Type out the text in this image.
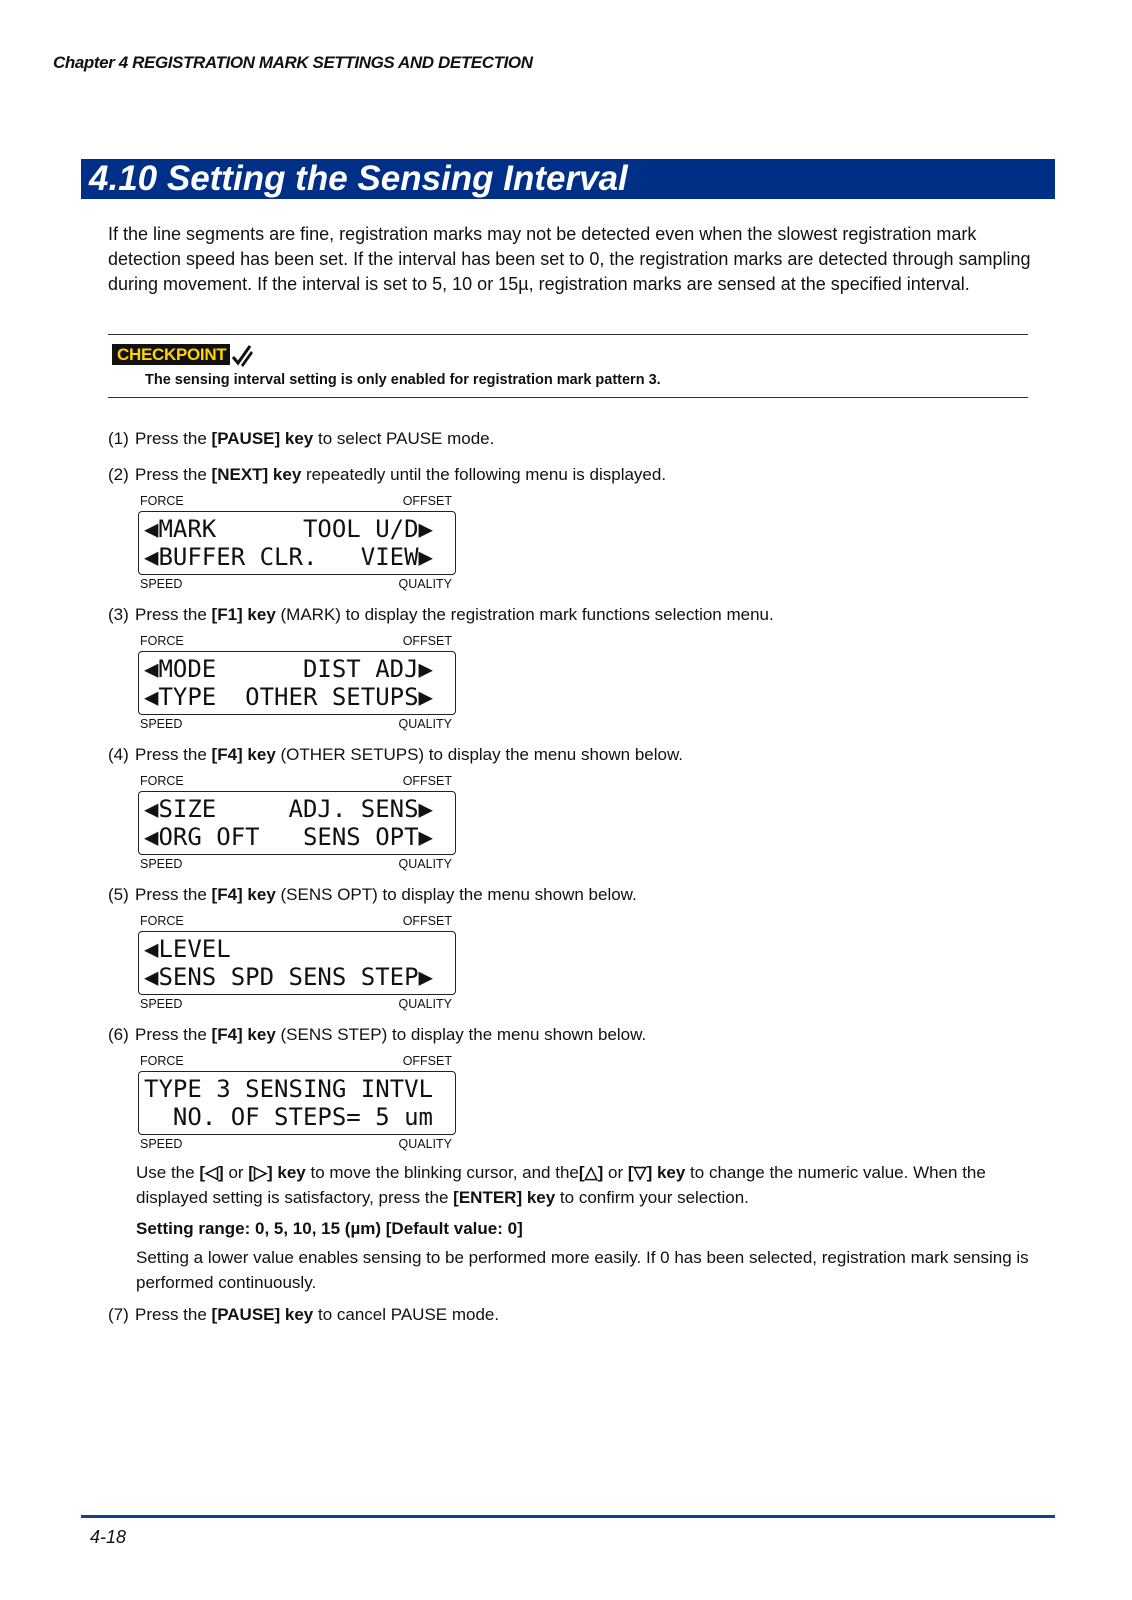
Chapter 4 REGISTRATION MARK SETTINGS AND DETECTION
4.10 Setting the Sensing Interval

If the line segments are fine, registration marks may not be detected even when the slowest registration mark detection speed has been set. If the interval has been set to 0, the registration marks are detected through sampling during movement. If the interval is set to 5, 10 or 15µ, registration marks are sensed at the specified interval.

CHECKPOINT
The sensing interval setting is only enabled for registration mark pattern 3.
(1) Press the [PAUSE] key to select PAUSE mode.
(2) Press the [NEXT] key repeatedly until the following menu is displayed.
FORCE	OFFSET
◀MARK      TOOL U/D▶
◀BUFFER CLR.   VIEW▶
SPEED	QUALITY
(3) Press the [F1] key (MARK) to display the registration mark functions selection menu.
FORCE	OFFSET
◀MODE      DIST ADJ▶
◀TYPE  OTHER SETUPS▶
SPEED	QUALITY
(4) Press the [F4] key (OTHER SETUPS) to display the menu shown below.
FORCE	OFFSET
◀SIZE     ADJ. SENS▶
◀ORG OFT   SENS OPT▶
SPEED	QUALITY
(5) Press the [F4] key (SENS OPT) to display the menu shown below.
FORCE	OFFSET
◀LEVEL
◀SENS SPD SENS STEP▶
SPEED	QUALITY
(6) Press the [F4] key (SENS STEP) to display the menu shown below.
FORCE	OFFSET
TYPE 3 SENSING INTVL
NO. OF STEPS= 5 um
SPEED	QUALITY

Use the [◁] or [▷] key to move the blinking cursor, and the[△] or [▽] key to change the numeric value. When the displayed setting is satisfactory, press the [ENTER] key to confirm your selection.

Setting range: 0, 5, 10, 15 (µm) [Default value: 0]

Setting a lower value enables sensing to be performed more easily. If 0 has been selected, registration mark sensing is performed continuously.

(7) Press the [PAUSE] key to cancel PAUSE mode.
4-18
